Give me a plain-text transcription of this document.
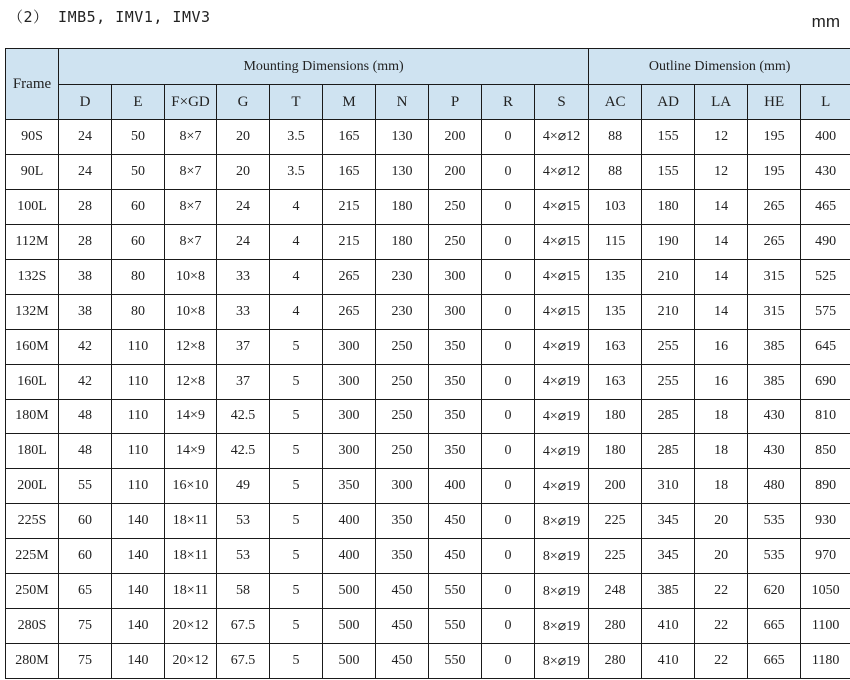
（2） IMB5, IMV1, IMV3	mm
Frame	Mounting Dimensions (mm)										Outline Dimension (mm)				
	D	E	F×GD	G	T	M	N	P	R	S	AC	AD	LA	HE	L
90S	24	50	8×7	20	3.5	165	130	200	0	4×⌀12	88	155	12	195	400
90L	24	50	8×7	20	3.5	165	130	200	0	4×⌀12	88	155	12	195	430
100L	28	60	8×7	24	4	215	180	250	0	4×⌀15	103	180	14	265	465
112M	28	60	8×7	24	4	215	180	250	0	4×⌀15	115	190	14	265	490
132S	38	80	10×8	33	4	265	230	300	0	4×⌀15	135	210	14	315	525
132M	38	80	10×8	33	4	265	230	300	0	4×⌀15	135	210	14	315	575
160M	42	110	12×8	37	5	300	250	350	0	4×⌀19	163	255	16	385	645
160L	42	110	12×8	37	5	300	250	350	0	4×⌀19	163	255	16	385	690
180M	48	110	14×9	42.5	5	300	250	350	0	4×⌀19	180	285	18	430	810
180L	48	110	14×9	42.5	5	300	250	350	0	4×⌀19	180	285	18	430	850
200L	55	110	16×10	49	5	350	300	400	0	4×⌀19	200	310	18	480	890
225S	60	140	18×11	53	5	400	350	450	0	8×⌀19	225	345	20	535	930
225M	60	140	18×11	53	5	400	350	450	0	8×⌀19	225	345	20	535	970
250M	65	140	18×11	58	5	500	450	550	0	8×⌀19	248	385	22	620	1050
280S	75	140	20×12	67.5	5	500	450	550	0	8×⌀19	280	410	22	665	1100
280M	75	140	20×12	67.5	5	500	450	550	0	8×⌀19	280	410	22	665	1180
